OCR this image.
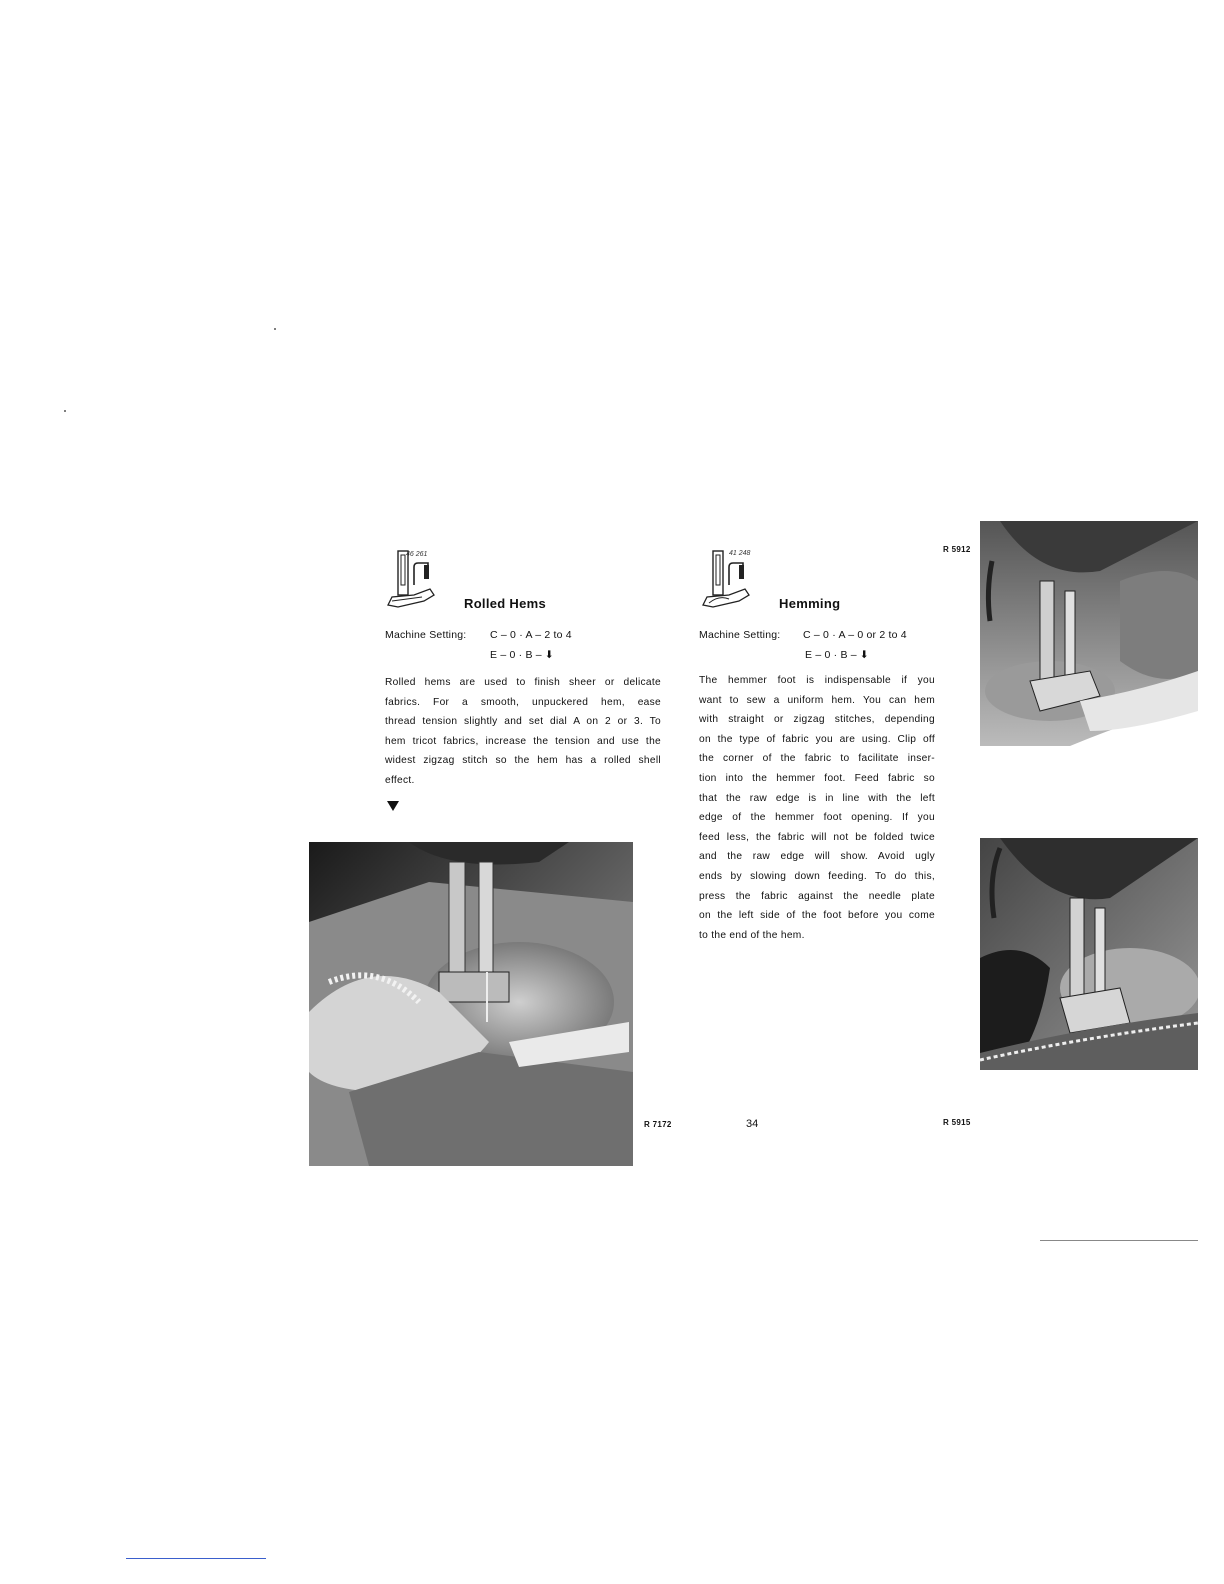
46 261
Rolled Hems
Machine Setting: C – 0 · A – 2 to 4
E – 0 · B – ⬇
Rolled hems are used to finish sheer or delicate
fabrics. For a smooth, unpuckered hem, ease
thread tension slightly and set dial A on 2 or 3. To
hem tricot fabrics, increase the tension and use the
widest zigzag stitch so the hem has a rolled shell
effect.
R 7172
41 248
Hemming
Machine Setting: C – 0 · A – 0 or 2 to 4
E – 0 · B – ⬇
The hemmer foot is indispensable if you
want to sew a uniform hem. You can hem
with straight or zigzag stitches, depending
on the type of fabric you are using. Clip off
the corner of the fabric to facilitate inser-
tion into the hemmer foot. Feed fabric so
that the raw edge is in line with the left
edge of the hemmer foot opening. If you
feed less, the fabric will not be folded twice
and the raw edge will show. Avoid ugly
ends by slowing down feeding. To do this,
press the fabric against the needle plate
on the left side of the foot before you come
to the end of the hem.
34
R 5912
R 5915
